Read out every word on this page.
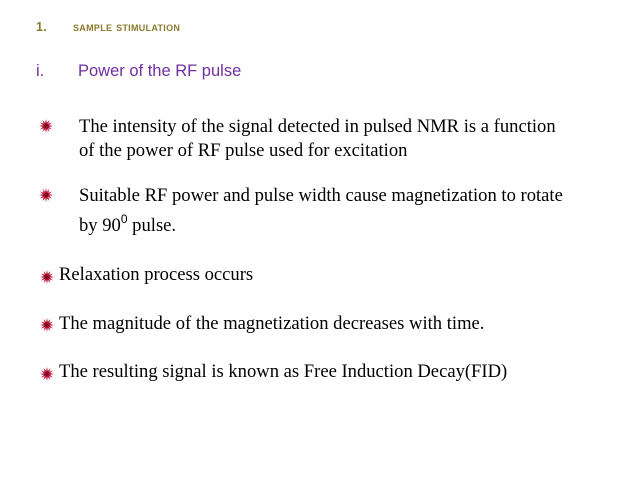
1. sample stimulation
i. Power of the RF pulse
The intensity of the signal detected in pulsed NMR is a function
of the power of RF pulse used for excitation
Suitable RF power and pulse width cause magnetization to rotate
by $90^0$ pulse.
Relaxation process occurs
The magnitude of the magnetization decreases with time.
The resulting signal is known as Free Induction Decay(FID)
